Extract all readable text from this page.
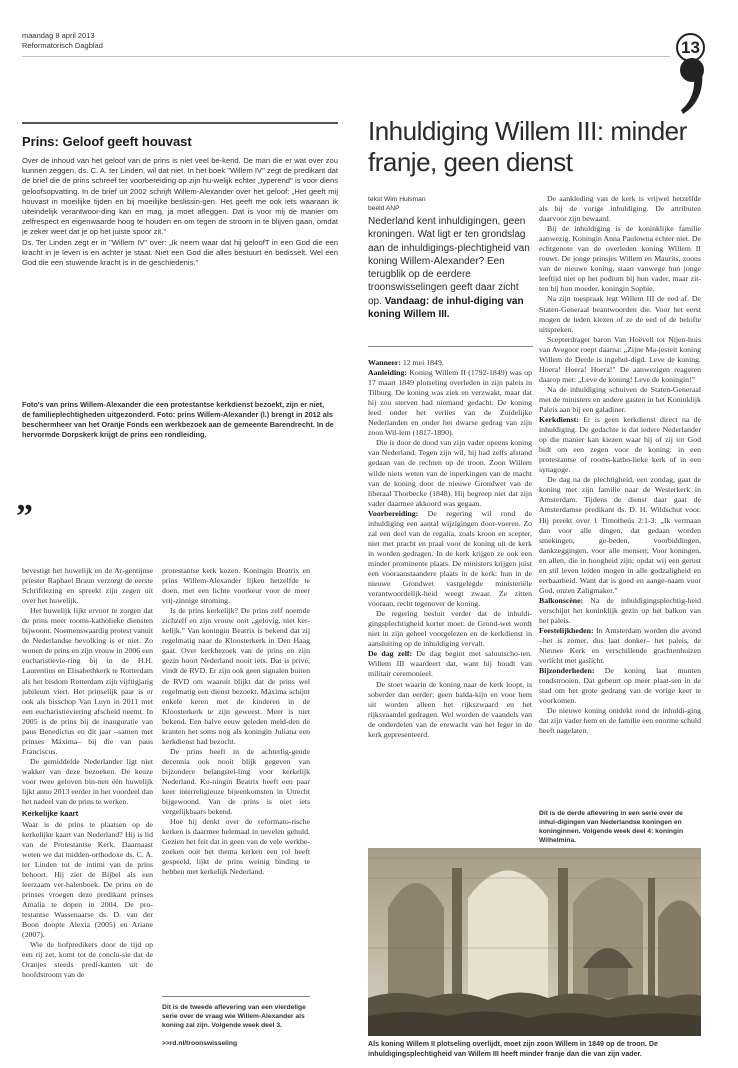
maandag 8 april 2013
Reformatorisch Dagblad	13
Prins: Geloof geeft houvast

Over de inhoud van het geloof van de prins is niet veel be-kend. De man die er wat over zou kunnen zeggen, ds. C. A. ter Linden, wil dat niet. In het boek "Willem IV" zegt de predikant dat de brief die de prins schreef ter voorbereiding op zijn hu-welijk echter „typerend" is voor diens geloofsopvatting. In de brief uit 2002 schrijft Willem-Alexander over het geloof: „Het geeft mij houvast in moeilijke tijden en bij moeilijke beslissin-gen. Het geeft me ook iets waaraan ik uiteindelijk verantwoor-ding kan en mag, ja moet afleggen. Dat is voor mij de manier om zelfrespect en eigenwaarde hoog te houden en om tegen de stroom in te blijven gaan, omdat je zeker weet dat je op het juiste spoor zit."

Ds. Ter Linden zegt er in "Willem IV" over: „Ik neem waar dat hij geloofT in een God die een kracht in je leven is en achter je staat. Niet een God die alles bestuurt en bedisselt. Wel een God die een stuwende kracht is in de geschiedenis."

Foto's van prins Willem-Alexander die een protestantse kerkdienst bezoekt, zijn er niet, de familieplechtigheden uitgezonderd. Foto: prins Willem-Alexander (l.) brengt in 2012 als beschermheer van het Oranje Fonds een werkbezoek aan de gemeente Barendrecht. In de hervormde Dorpskerk krijgt de prins een rondleiding.
”

bevestigt het huwelijk en de Ar-gentijnse priester Raphael Braun verzorgt de eerste Schriftlezing en spreekt zijn zegen uit over het huwelijk.

Het huwelijk lijkt ervoor te zorgen dat de prins meer rooms-katholieke diensten bijwoont. Noemenswaardig protest vanuit de Nederlandse bevolking is er niet. Zo wonen de prins en zijn vrouw in 2006 een eucharistievie-ring bij in de H.H. Laurentius en Elisabethkerk te Rotterdam als het bisdom Rotterdam zijn vijftigjarig jubileum viert. Het prinselijk paar is er ook als bisschop Van Luyn in 2011 met een eucharistieviering afscheid neemt. In 2005 is de prins bij de inauguratie van paus Benedictus en dit jaar –samen met prinses Máxima– bij die van paus Franciscus.

De gemiddelde Nederlander ligt niet wakker van deze bezoeken. De keuze voor twee geloven bin-nen één huwelijk lijkt anno 2013 eerder in het voordeel dan het nadeel van de prins te werken.

Kerkelijke kaart

Waar is de prins te plaatsen op de kerkelijke kaart van Nederland? Hij is lid van de Protestantse Kerk. Daarnaast weten we dat midden-orthodoxe ds. C. A. ter Linden tot de intimi van de prins behoort. Hij ziet de Bijbel als een leerzaam ver-halenboek. De prins en de prinses vroegen deze predikant prinses Amalia te dopen in 2004. De pro-testantse Wassenaarse ds. D. van der Boon doopte Alexia (2005) en Ariane (2007).

Wie de hofpredikers door de tijd op een rij zet, komt tot de conclu-sie dat de Oranjes steeds predi-kanten uit de hoofdstroom van de

protestantse kerk kozen. Koningin Beatrix en prins Willem-Alexander lijken hetzelfde te doen, met een lichte voorkeur voor de meer vrij-zinnige stroming.

Is de prins kerkelijk? De prins zelf noemde zichzelf en zijn vrouw ooit „gelovig, niet ker-kelijk." Van koningin Beatrix is bekend dat zij regelmatig naar de Kloosterkerk in Den Haag gaat. Over kerkbezoek van de prins en zijn gezin hoort Nederland nooit iets. Dat is privé, vindt de RVD. Er zijn ook geen signalen buiten de RVD om waaruit blijkt dat de prins wel regelmatig een dienst bezoekt. Máxima schijnt enkele keren met de kinderen in de Kloosterkerk te zijn geweest. Meer is niet bekend. Een halve eeuw geleden meld-den de kranten het soms nog als koningin Juliana een kerkdienst had bezocht.

De prins heeft in de achterlig-gende decennia ook nooit blijk gegeven van bijzondere belangstel-ling voor kerkelijk Nederland. Ko-ningin Beatrix heeft een paar keer interreligieuze bijeenkomsten in Utrecht bijgewoond. Van de prins is niet iets vergelijkbaars bekend.

Hoe hij denkt over de reformato-rische kerken is daarmee helemaal in nevelen gehuld. Gezien het feit dat in geen van de vele werkbe-zoeken ooit het thema kerken een rol heeft gespeeld, lijkt de prins weinig binding te hebben met kerkelijk Nederland.

Dit is de tweede aflevering van een vierdelige serie over de vraag wie Willem-Alexander als koning zal zijn. Volgende week deel 3.
>>rd.nl/troonswisseling
Inhuldiging Willem III: minder franje, geen dienst
tekst Wim Hulsman
beeld ANP
Nederland kent inhuldigingen, geen kroningen. Wat ligt er ten grondslag aan de inhuldigings-plechtigheid van koning Willem-Alexander? Een terugblik op de eerdere troonswisselingen geeft daar zicht op. Vandaag: de inhul-diging van koning Willem III.

Wanneer: 12 mei 1849.

Aanleiding: Koning Willem II (1792-1849) was op 17 maart 1849 plotseling overleden in zijn paleis in Tilburg. De koning was ziek en verzwakt, maar dat hij zou sterven had niemand gedacht. De koning leed onder het verlies van de Zuidelijke Nederlanden en onder het dwarse gedrag van zijn zoon Wil-lem (1817-1890).

Die is door de dood van zijn vader opeens koning van Nederland. Tegen zijn wil, hij had zelfs afstand gedaan van de rechten op de troon. Zoon Willem wilde niets weten van de inperkingen van de macht van de koning door de nieuwe Grondwet van de liberaal Thorbecke (1848). Hij begreep niet dat zijn vader daarmee akkoord was gegaan.

Voorbereiding: De regering wil rond de inhuldiging een aantal wijzigingen door-voeren. Zo zal een deel van de regalia, zoals kroon en scepter, niet met pracht en praal voor de koning uit de kerk in worden gedragen. In de kerk krijgen ze ook een minder prominente plaats. De ministers krijgen juist een vooraanstaandere plaats in de kerk: hun in de nieuwe Grondwet vastgelegde ministeriële verantwoordelijk-heid weegt zwaar. Ze zitten vooraan, recht tegenover de koning.

De regering besluit verder dat de inhuldi-gingsplechtigheid korter moet: de Grond-wet wordt niet in zijn geheel voorgelezen en de kerkdienst in aansluiting op de inhuldiging vervalt.

De dag zelf: De dag begint met saluutscho-ten. Willem III waardeert dat, want hij houdt van militair ceremonieel.

De stoet waarin de koning naar de kerk loopt, is soberder dan eerder: geen balda-kijn en voor hem uit worden alleen het rijkszwaard en het rijksvaandel gedragen. Wel worden de vaandels van de onderdelen van de erewacht van het leger in de kerk gepresenteerd.

De aankleding van de kerk is vrijwel hetzelfde als bij de vorige inhuldiging. De attributen daarvoor zijn bewaard.

Bij de inhuldiging is de koninklijke familie aanwezig. Koningin Anna Paulowna echter niet. De echtgenote van de overleden koning Willem II rouwt. De jonge prinsjes Willem en Maurits, zoons van de nieuwe koning, staan vanwege hun jonge leeftijd niet op het podium bij hun vader, maar zit-ten bij hun moeder, koningin Sophie.

Na zijn toespraak legt Willem III de eed af. De Staten-Generaal beantwoorden die. Voor het eerst mogen de leden kiezen of ze de eed of de belofte uitspreken.

Scepterdrager baron Van Hoëvell tot Nijen-huis van Avegoor roept daarna: „Zijne Ma-jesteit koning Willem de Derde is ingehul-digd. Leve de koning. Hoera! Hoera! Hoera!" De aanwezigen reageren daarop met: „Leve de koning! Leve de koningin!"

Na de inhuldiging schuiven de Staten-Generaal met de ministers en andere gasten in het Koninklijk Paleis aan bij een galadiner.

Kerkdienst: Er is geen kerkdienst direct na de inhuldiging. De gedachte is dat iedere Nederlander op die manier kan kiezen waar hij of zij tot God bidt om een zegen voor de koning: in een protestantse of rooms-katho-lieke kerk of in een synagoge.

De dag na de plechtigheid, een zondag, gaat de koning met zijn familie naar de Westerkerk in Amsterdam. Tijdens de dienst daar gaat de Amsterdamse predikant ds. D. H. Wildschut voor. Hij preekt over 1 Timotheüs 2:1-3: „Ik vermaan dan voor alle dingen, dat gedaan worden smekingen, ge-beden, voorbiddingen, dankzeggingen, voor alle mensen; Voor koningen, en allen, die in hoogheid zijn; opdat wij een gerust en stil leven leiden mogen in alle godzaligheid en eerbaarheid. Want dat is goed en aange-naam voor God, onzen Zaligmaker."

Balkonscène: Na de inhuldigingsplechtig-heid verschijnt het koninklijk gezin op het balkon van het paleis.

Feestelijkheden: In Amsterdam worden die avond –het is zomer, dus laat donker– het paleis, de Nieuwe Kerk en verschillende grachtenhuizen verlicht met gaslicht.

Bijzonderheden: De koning laat munten rondstrooien. Dat gebeurt op meer plaat-sen in de stad om het grote gedrang van de vorige keer te voorkomen.

De nieuwe koning ontdekt rond de inhuldi-ging dat zijn vader hem en de familie een enorme schuld heeft nagelaten.

Dit is de derde aflevering in een serie over de inhul-digingen van Nederlandse koningen en koninginnen. Volgende week deel 4: koningin Wilhelmina.
Als koning Willem II plotseling overlijdt, moet zijn zoon Willem in 1849 op de troon. De inhuldigingsplechtigheid van Willem III heeft minder franje dan die van zijn vader.
